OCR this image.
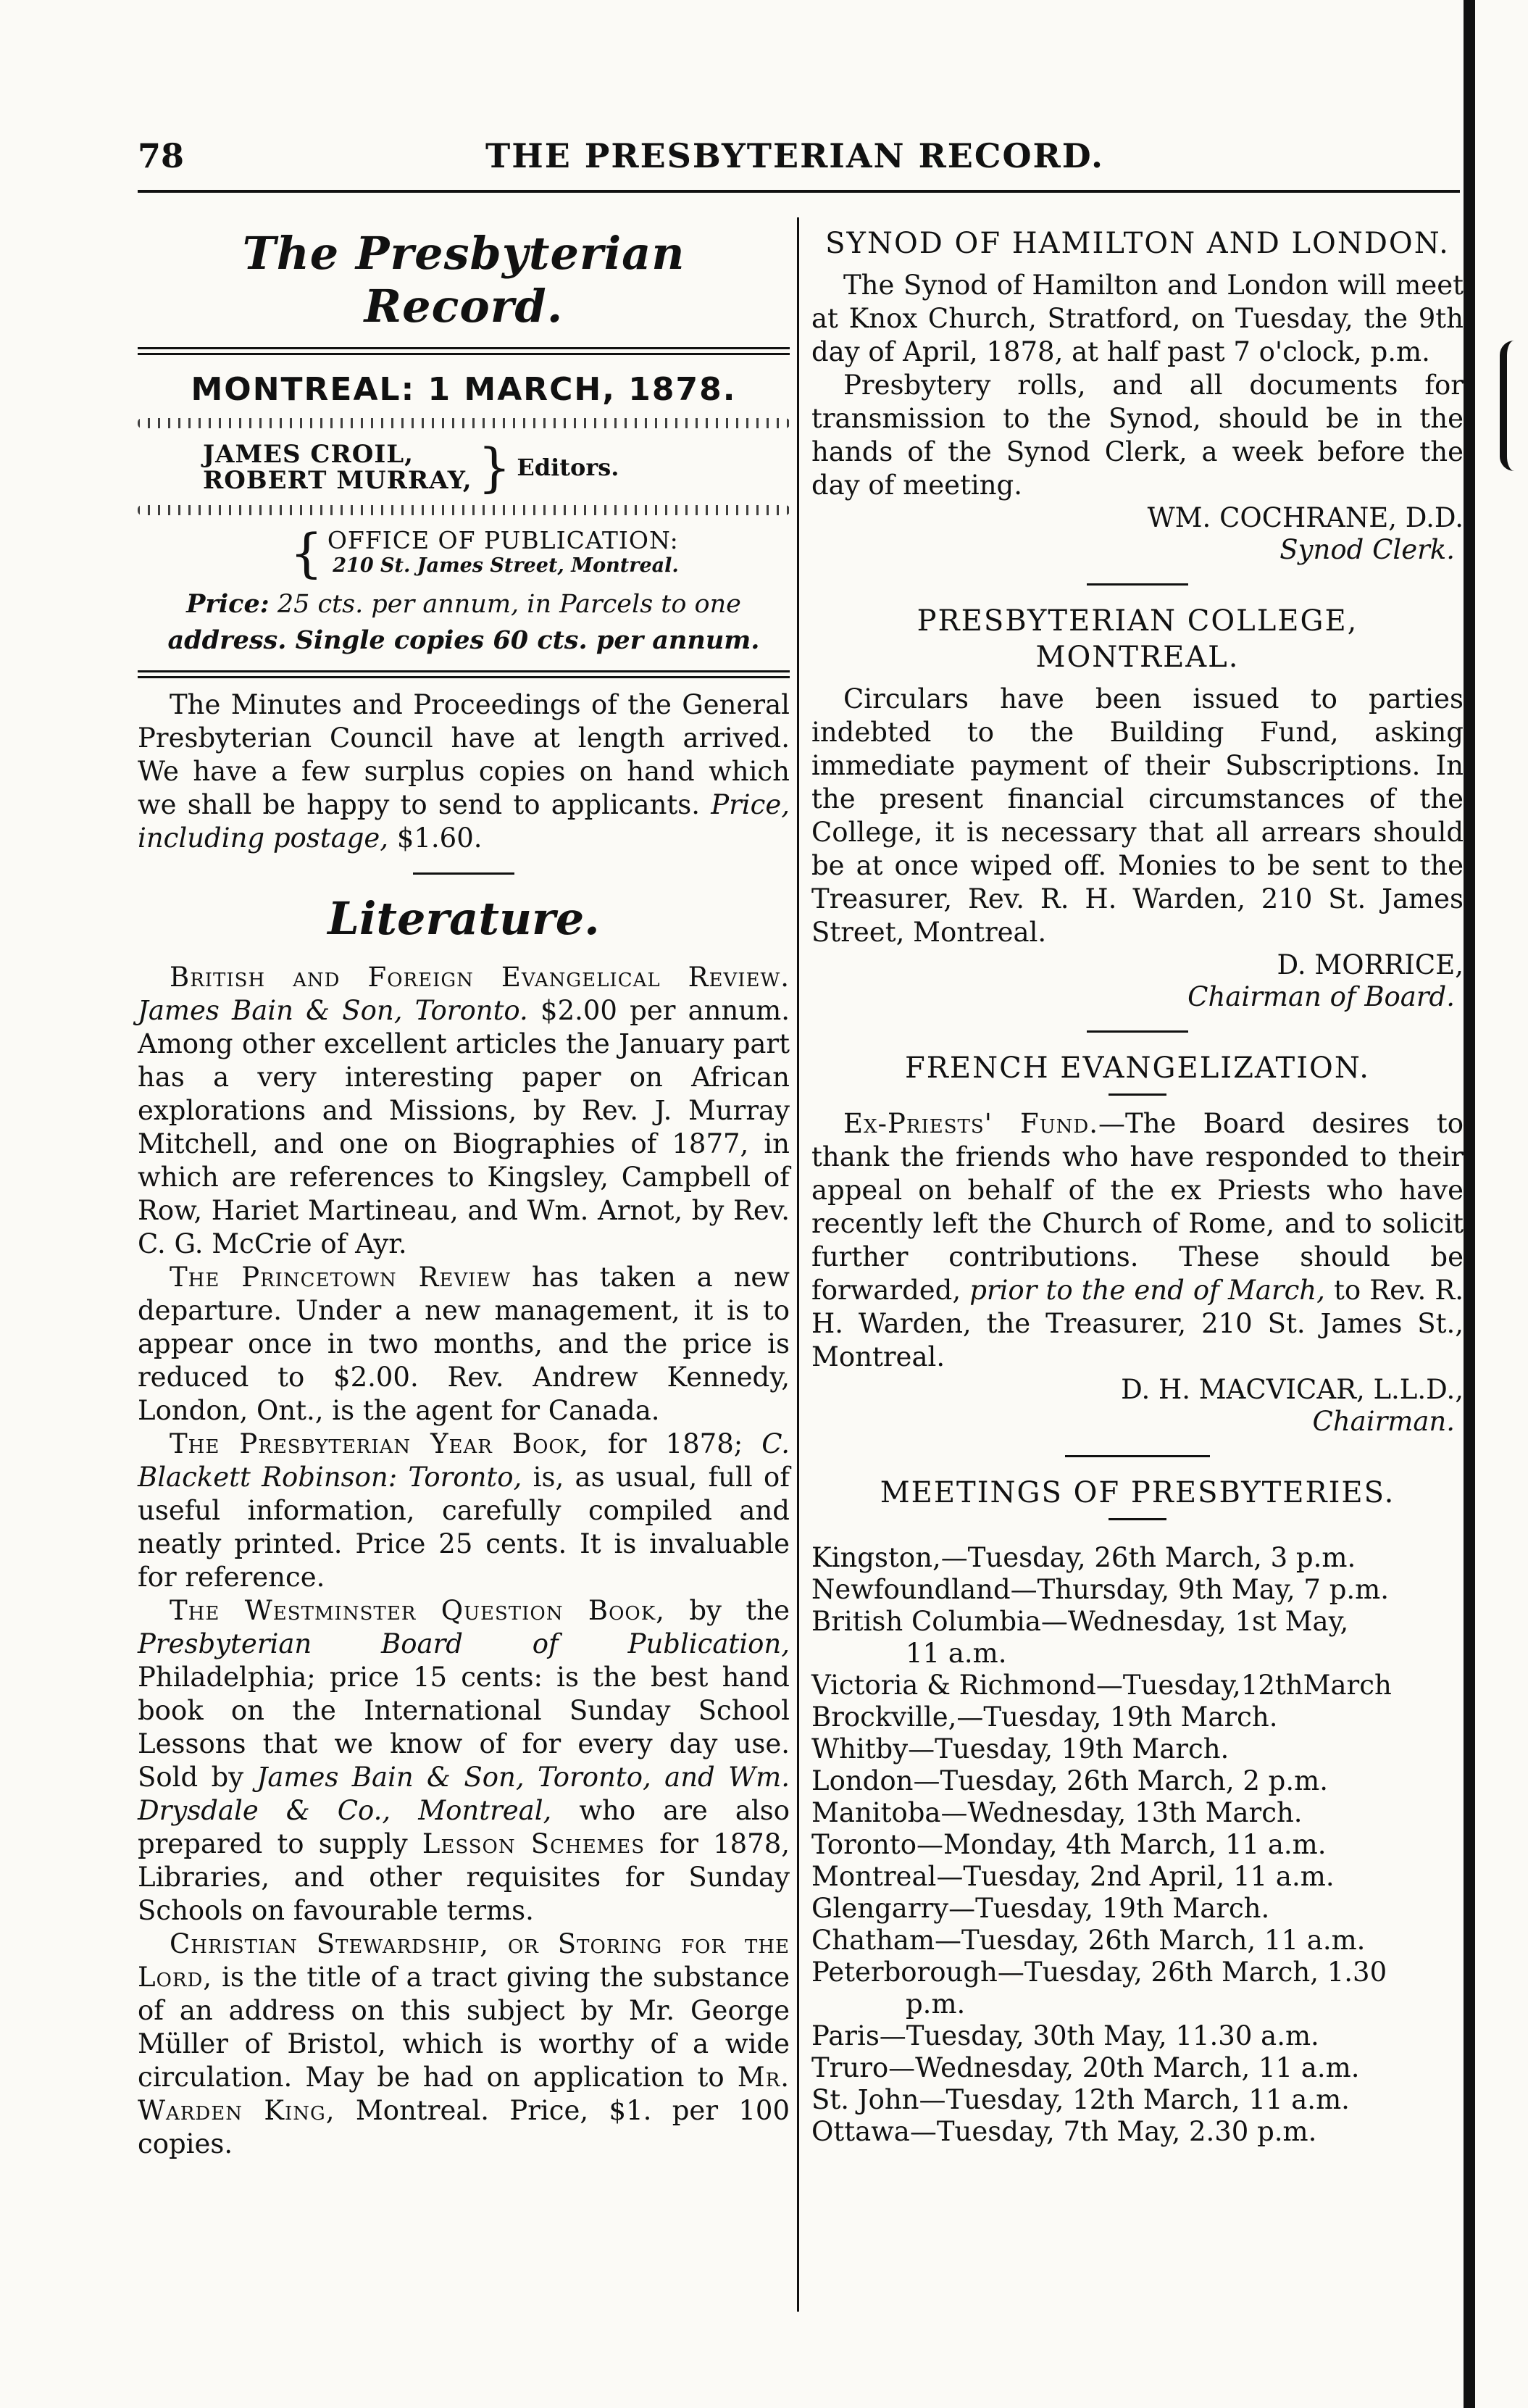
78	THE PRESBYTERIAN RECORD.
The Presbyterian Record.
MONTREAL: 1 MARCH, 1878.
JAMES CROIL,
ROBERT MURRAY, } Editors.
{ OFFICE OF PUBLICATION:
210 St. James Street, Montreal.
Price: 25 cts. per annum, in Parcels to one
address. Single copies 60 cts. per annum.

The Minutes and Proceedings of the General Presbyterian Council have at length arrived. We have a few surplus copies on hand which we shall be happy to send to applicants. Price, including postage, $1.60.

Literature.

British and Foreign Evangelical Review. James Bain & Son, Toronto. $2.00 per annum. Among other excellent articles the January part has a very interesting paper on African explorations and Missions, by Rev. J. Murray Mitchell, and one on Biographies of 1877, in which are references to Kingsley, Campbell of Row, Hariet Martineau, and Wm. Arnot, by Rev. C. G. McCrie of Ayr.

The Princetown Review has taken a new departure. Under a new management, it is to appear once in two months, and the price is reduced to $2.00. Rev. Andrew Kennedy, London, Ont., is the agent for Canada.

The Presbyterian Year Book, for 1878; C. Blackett Robinson: Toronto, is, as usual, full of useful information, carefully compiled and neatly printed. Price 25 cents. It is invaluable for reference.

The Westminster Question Book, by the Presbyterian Board of Publication, Philadelphia; price 15 cents: is the best hand book on the International Sunday School Lessons that we know of for every day use. Sold by James Bain & Son, Toronto, and Wm. Drysdale & Co., Montreal, who are also prepared to supply Lesson Schemes for 1878, Libraries, and other requisites for Sunday Schools on favourable terms.

Christian Stewardship, or Storing for the Lord, is the title of a tract giving the substance of an address on this subject by Mr. George Müller of Bristol, which is worthy of a wide circulation. May be had on application to Mr. Warden King, Montreal. Price, $1. per 100 copies.

SYNOD OF HAMILTON AND LONDON.

The Synod of Hamilton and London will meet at Knox Church, Stratford, on Tuesday, the 9th day of April, 1878, at half past 7 o'clock, p.m.

Presbytery rolls, and all documents for transmission to the Synod, should be in the hands of the Synod Clerk, a week before the day of meeting.

WM. COCHRANE, D.D.
Synod Clerk.
PRESBYTERIAN COLLEGE,
MONTREAL.

Circulars have been issued to parties indebted to the Building Fund, asking immediate payment of their Subscriptions. In the present financial circumstances of the College, it is necessary that all arrears should be at once wiped off. Monies to be sent to the Treasurer, Rev. R. H. Warden, 210 St. James Street, Montreal.

D. MORRICE,
Chairman of Board.
FRENCH EVANGELIZATION.

Ex-Priests' Fund.—The Board desires to thank the friends who have responded to their appeal on behalf of the ex Priests who have recently left the Church of Rome, and to solicit further contributions. These should be forwarded, prior to the end of March, to Rev. R. H. Warden, the Treasurer, 210 St. James St., Montreal.

D. H. MACVICAR, L.L.D.,
Chairman.
MEETINGS OF PRESBYTERIES.
Kingston,—Tuesday, 26th March, 3 p.m.
Newfoundland—Thursday, 9th May, 7 p.m.
British Columbia—Wednesday, 1st May,
11 a.m.
Victoria & Richmond—Tuesday,12thMarch
Brockville,—Tuesday, 19th March.
Whitby—Tuesday, 19th March.
London—Tuesday, 26th March, 2 p.m.
Manitoba—Wednesday, 13th March.
Toronto—Monday, 4th March, 11 a.m.
Montreal—Tuesday, 2nd April, 11 a.m.
Glengarry—Tuesday, 19th March.
Chatham—Tuesday, 26th March, 11 a.m.
Peterborough—Tuesday, 26th March, 1.30
p.m.
Paris—Tuesday, 30th May, 11.30 a.m.
Truro—Wednesday, 20th March, 11 a.m.
St. John—Tuesday, 12th March, 11 a.m.
Ottawa—Tuesday, 7th May, 2.30 p.m.
